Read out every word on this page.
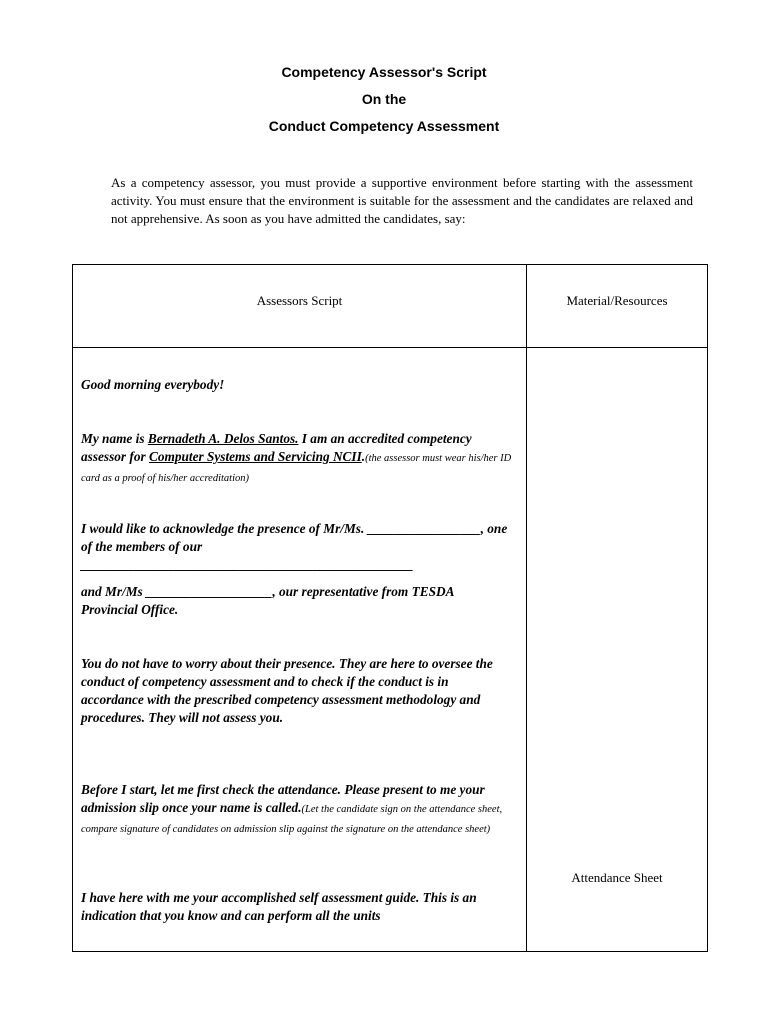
Competency Assessor's Script
On the
Conduct Competency Assessment
As a competency assessor, you must provide a supportive environment before starting with the assessment activity. You must ensure that the environment is suitable for the assessment and the candidates are relaxed and not apprehensive. As soon as you have admitted the candidates, say:
Assessors Script	Material/Resources
Good morning everybody!
My name is Bernadeth A. Delos Santos. I am an accredited competency assessor for Computer Systems and Servicing NCII.(the assessor must wear his/her ID card as a proof of his/her accreditation)
I would like to acknowledge the presence of Mr/Ms. _________________, one of the members of our __________________________________________________
and Mr/Ms ___________________, our representative from TESDA Provincial Office.
You do not have to worry about their presence. They are here to oversee the conduct of competency assessment and to check if the conduct is in accordance with the prescribed competency assessment methodology and procedures. They will not assess you.
Before I start, let me first check the attendance. Please present to me your admission slip once your name is called.(Let the candidate sign on the attendance sheet, compare signature of candidates on admission slip against the signature on the attendance sheet)
I have here with me your accomplished self assessment guide. This is an indication that you know and can perform all the units
Attendance Sheet
